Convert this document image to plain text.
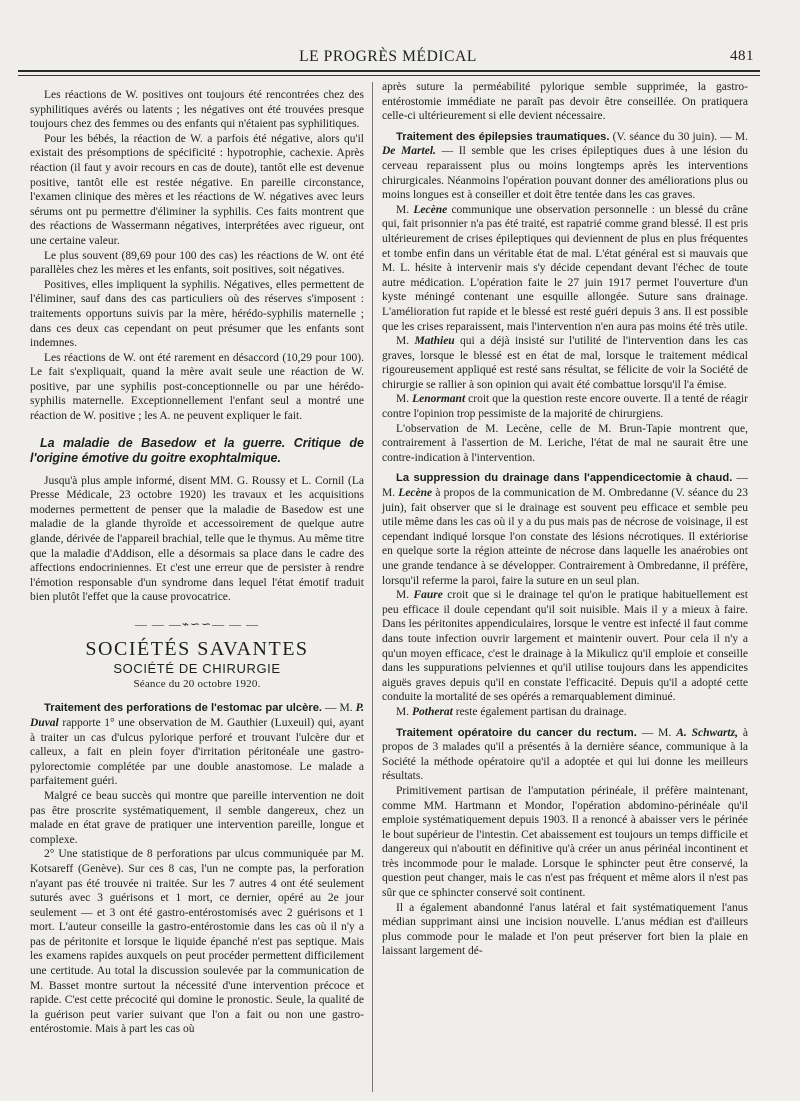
LE PROGRÈS MÉDICAL	481

Les réactions de W. positives ont toujours été rencontrées chez des syphilitiques avérés ou latents ; les négatives ont été trouvées presque toujours chez des femmes ou des enfants qui n'étaient pas syphilitiques.

Pour les bébés, la réaction de W. a parfois été négative, alors qu'il existait des présomptions de spécificité : hypotrophie, cachexie. Après réaction (il faut y avoir recours en cas de doute), tantôt elle est devenue positive, tantôt elle est restée négative. En pareille circonstance, l'examen clinique des mères et les réactions de W. négatives avec leurs sérums ont pu permettre d'éliminer la syphilis. Ces faits montrent que des réactions de Wassermann négatives, interprétées avec rigueur, ont une certaine valeur.

Le plus souvent (89,69 pour 100 des cas) les réactions de W. ont été parallèles chez les mères et les enfants, soit positives, soit négatives.

Positives, elles impliquent la syphilis. Négatives, elles permettent de l'éliminer, sauf dans des cas particuliers où des réserves s'imposent : traitements opportuns suivis par la mère, hérédo-syphilis maternelle ; dans ces deux cas cependant on peut présumer que les enfants sont indemnes.

Les réactions de W. ont été rarement en désaccord (10,29 pour 100). Le fait s'expliquait, quand la mère avait seule une réaction de W. positive, par une syphilis post-conceptionnelle ou par une hérédo-syphilis maternelle. Exceptionnellement l'enfant seul a montré une réaction de W. positive ; les A. ne peuvent expliquer le fait.

La maladie de Basedow et la guerre. Critique de l'origine émotive du goitre exophtalmique.

Jusqu'à plus ample informé, disent MM. G. Roussy et L. Cornil (La Presse Médicale, 23 octobre 1920) les travaux et les acquisitions modernes permettent de penser que la maladie de Basedow est une maladie de la glande thyroïde et accessoirement de quelque autre glande, dérivée de l'appareil brachial, telle que le thymus. Au même titre que la maladie d'Addison, elle a désormais sa place dans le cadre des affections endocriniennes. Et c'est une erreur que de persister à rendre l'émotion responsable d'un syndrome dans lequel l'état émotif traduit bien plutôt l'effet que la cause provocatrice.

— — —⌁∽∽— — —
SOCIÉTÉS SAVANTES
SOCIÉTÉ DE CHIRURGIE
Séance du 20 octobre 1920.

Traitement des perforations de l'estomac par ulcère. — M. P. Duval rapporte 1° une observation de M. Gauthier (Luxeuil) qui, ayant à traiter un cas d'ulcus pylorique perforé et trouvant l'ulcère dur et calleux, a fait en plein foyer d'irritation péritonéale une gastro-pylorectomie complétée par une double anastomose. Le malade a parfaitement guéri.

Malgré ce beau succès qui montre que pareille intervention ne doit pas être proscrite systématiquement, il semble dangereux, chez un malade en état grave de pratiquer une intervention pareille, longue et complexe.

2° Une statistique de 8 perforations par ulcus communiquée par M. Kotsareff (Genève). Sur ces 8 cas, l'un ne compte pas, la perforation n'ayant pas été trouvée ni traitée. Sur les 7 autres 4 ont été seulement suturés avec 3 guérisons et 1 mort, ce dernier, opéré au 2e jour seulement — et 3 ont été gastro-entérostomisés avec 2 guérisons et 1 mort. L'auteur conseille la gastro-entérostomie dans les cas où il n'y a pas de péritonite et lorsque le liquide épanché n'est pas septique. Mais les examens rapides auxquels on peut procéder permettent difficilement une certitude. Au total la discussion soulevée par la communication de M. Basset montre surtout la nécessité d'une intervention précoce et rapide. C'est cette précocité qui domine le pronostic. Seule, la qualité de la guérison peut varier suivant que l'on a fait ou non une gastro-entérostomie. Mais à part les cas où

après suture la perméabilité pylorique semble supprimée, la gastro-entérostomie immédiate ne paraît pas devoir être conseillée. On pratiquera celle-ci ultérieurement si elle devient nécessaire.

Traitement des épilepsies traumatiques. (V. séance du 30 juin). — M. De Martel. — Il semble que les crises épileptiques dues à une lésion du cerveau reparaissent plus ou moins longtemps après les interventions chirurgicales. Néanmoins l'opération pouvant donner des améliorations plus ou moins longues est à conseiller et doit être tentée dans les cas graves.

M. Lecène communique une observation personnelle : un blessé du crâne qui, fait prisonnier n'a pas été traité, est rapatrié comme grand blessé. Il est pris ultérieurement de crises épileptiques qui deviennent de plus en plus fréquentes et tombe enfin dans un véritable état de mal. L'état général est si mauvais que M. L. hésite à intervenir mais s'y décide cependant devant l'échec de toute autre médication. L'opération faite le 27 juin 1917 permet l'ouverture d'un kyste méningé contenant une esquille allongée. Suture sans drainage. L'amélioration fut rapide et le blessé est resté guéri depuis 3 ans. Il est possible que les crises reparaissent, mais l'intervention n'en aura pas moins été très utile.

M. Mathieu qui a déjà insisté sur l'utilité de l'intervention dans les cas graves, lorsque le blessé est en état de mal, lorsque le traitement médical rigoureusement appliqué est resté sans résultat, se félicite de voir la Société de chirurgie se rallier à son opinion qui avait été combattue lorsqu'il l'a émise.

M. Lenormant croit que la question reste encore ouverte. Il a tenté de réagir contre l'opinion trop pessimiste de la majorité de chirurgiens.

L'observation de M. Lecène, celle de M. Brun-Tapie montrent que, contrairement à l'assertion de M. Leriche, l'état de mal ne saurait être une contre-indication à l'intervention.

La suppression du drainage dans l'appendicectomie à chaud. — M. Lecène à propos de la communication de M. Ombredanne (V. séance du 23 juin), fait observer que si le drainage est souvent peu efficace et semble peu utile même dans les cas où il y a du pus mais pas de nécrose de voisinage, il est cependant indiqué lorsque l'on constate des lésions nécrotiques. Il extériorise en quelque sorte la région atteinte de nécrose dans laquelle les anaérobies ont une grande tendance à se développer. Contrairement à Ombredanne, il préfère, lorsqu'il referme la paroi, faire la suture en un seul plan.

M. Faure croit que si le drainage tel qu'on le pratique habituellement est peu efficace il doule cependant qu'il soit nuisible. Mais il y a mieux à faire. Dans les péritonites appendiculaires, lorsque le ventre est infecté il faut comme dans toute infection ouvrir largement et maintenir ouvert. Pour cela il n'y a qu'un moyen efficace, c'est le drainage à la Mikulicz qu'il emploie et conseille dans les suppurations pelviennes et qu'il utilise toujours dans les appendicites aiguës graves depuis qu'il en constate l'efficacité. Depuis qu'il a adopté cette conduite la mortalité de ses opérés a remarquablement diminué.

M. Potherat reste également partisan du drainage.

Traitement opératoire du cancer du rectum. — M. A. Schwartz, à propos de 3 malades qu'il a présentés à la dernière séance, communique à la Société la méthode opératoire qu'il a adoptée et qui lui donne les meilleurs résultats.

Primitivement partisan de l'amputation périnéale, il préfère maintenant, comme MM. Hartmann et Mondor, l'opération abdomino-périnéale qu'il emploie systématiquement depuis 1903. Il a renoncé à abaisser vers le périnée le bout supérieur de l'intestin. Cet abaissement est toujours un temps difficile et dangereux qui n'aboutit en définitive qu'à créer un anus périnéal incontinent et très incommode pour le malade. Lorsque le sphincter peut être conservé, la question peut changer, mais le cas n'est pas fréquent et même alors il n'est pas sûr que ce sphincter conservé soit continent.

Il a également abandonné l'anus latéral et fait systématiquement l'anus médian supprimant ainsi une incision nouvelle. L'anus médian est d'ailleurs plus commode pour le malade et l'on peut préserver fort bien la plaie en laissant largement dé-
